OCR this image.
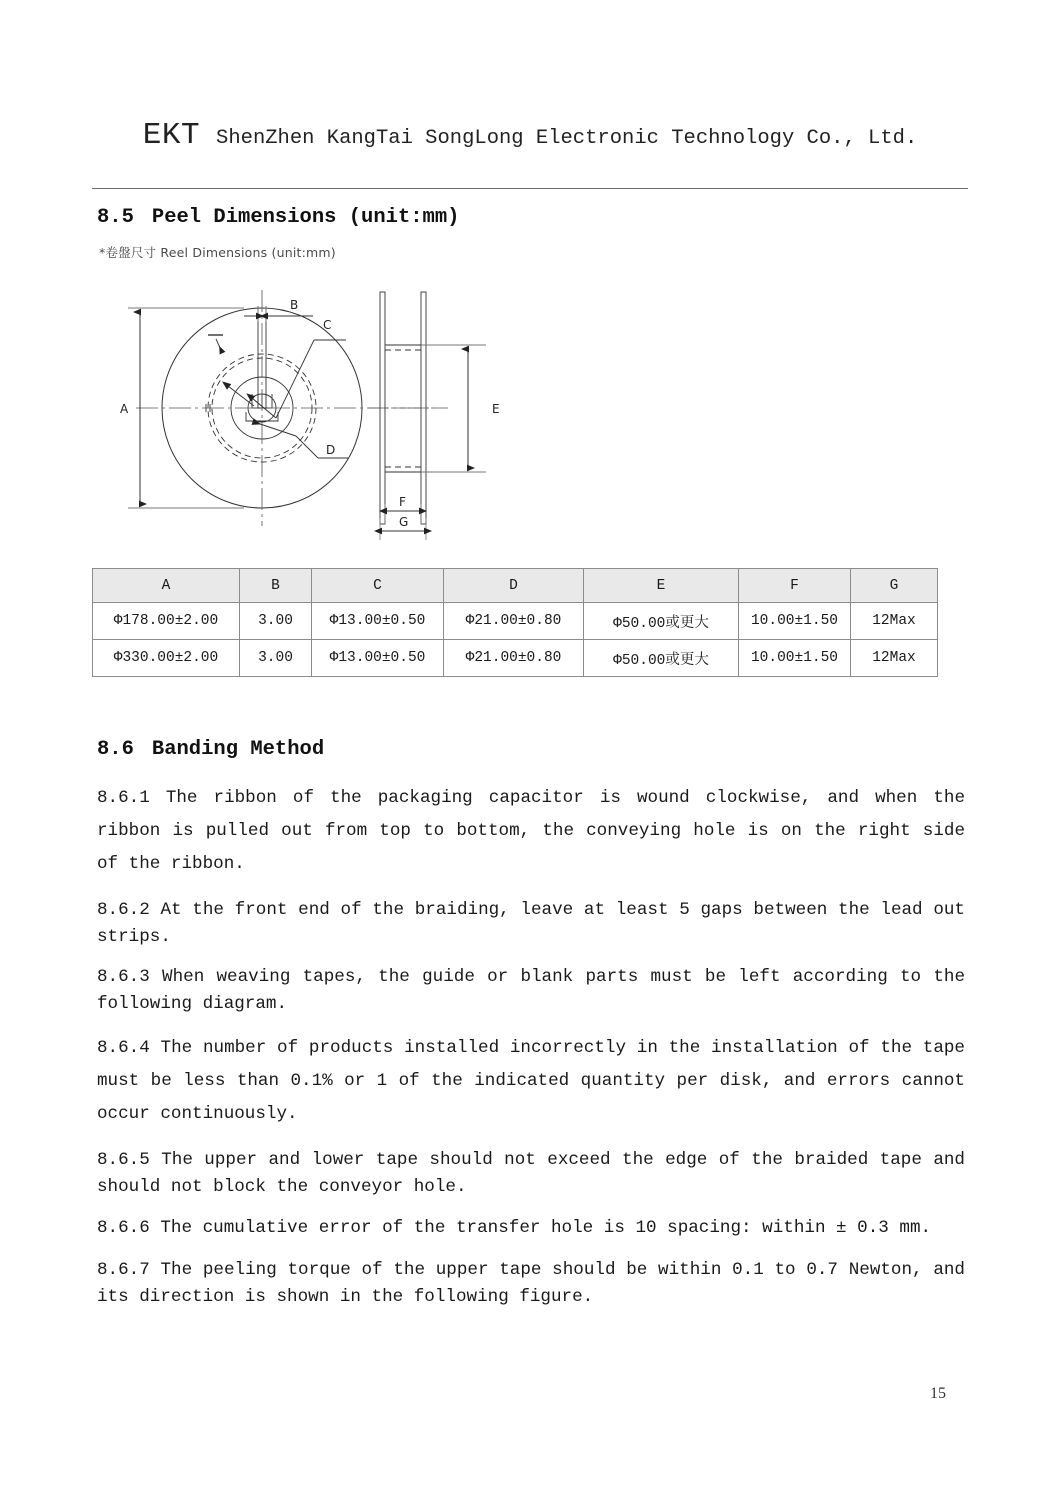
EKT ShenZhen KangTai SongLong Electronic Technology Co., Ltd.
8.5 Peel Dimensions (unit:mm)
*卷盤尺寸 Reel Dimensions (unit:mm)
A
B
C
D
E
F
G
A	B	C	D	E	F	G
Φ178.00±2.00	3.00	Φ13.00±0.50	Φ21.00±0.80	Φ50.00或更大	10.00±1.50	12Max
Φ330.00±2.00	3.00	Φ13.00±0.50	Φ21.00±0.80	Φ50.00或更大	10.00±1.50	12Max
8.6 Banding Method
8.6.1 The ribbon of the packaging capacitor is wound clockwise, and when the ribbon is pulled out from top to bottom, the conveying hole is on the right side of the ribbon.
8.6.2 At the front end of the braiding, leave at least 5 gaps between the lead out strips.
8.6.3 When weaving tapes, the guide or blank parts must be left according to the following diagram.
8.6.4 The number of products installed incorrectly in the installation of the tape must be less than 0.1% or 1 of the indicated quantity per disk, and errors cannot occur continuously.
8.6.5 The upper and lower tape should not exceed the edge of the braided tape and should not block the conveyor hole.
8.6.6 The cumulative error of the transfer hole is 10 spacing: within ± 0.3 mm.
8.6.7 The peeling torque of the upper tape should be within 0.1 to 0.7 Newton, and its direction is shown in the following figure.
15
